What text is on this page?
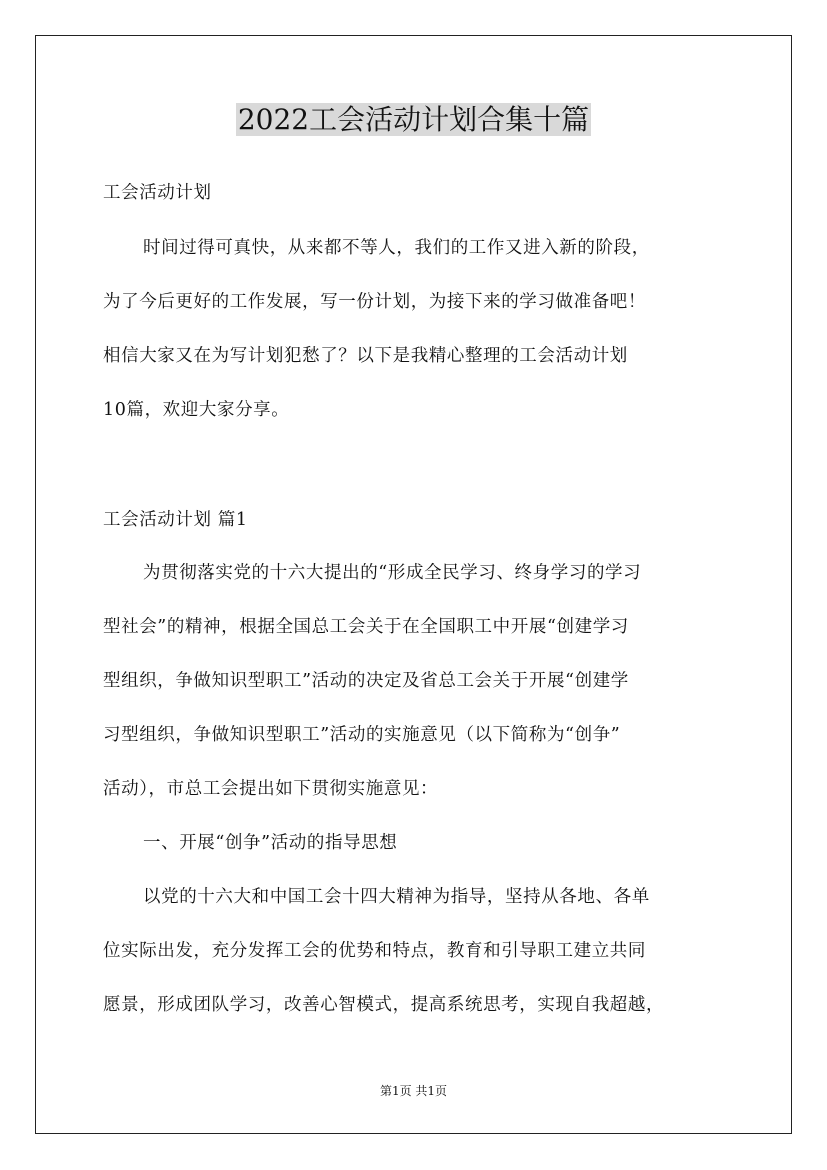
2022工会活动计划合集十篇
工会活动计划
时间过得可真快，从来都不等人，我们的工作又进入新的阶段，
为了今后更好的工作发展，写一份计划，为接下来的学习做准备吧！
相信大家又在为写计划犯愁了？以下是我精心整理的工会活动计划
10篇，欢迎大家分享。
工会活动计划 篇1
为贯彻落实党的十六大提出的“形成全民学习、终身学习的学习
型社会”的精神，根据全国总工会关于在全国职工中开展“创建学习
型组织，争做知识型职工”活动的决定及省总工会关于开展“创建学
习型组织，争做知识型职工”活动的实施意见（以下简称为“创争”
活动），市总工会提出如下贯彻实施意见：
一、开展“创争”活动的指导思想
以党的十六大和中国工会十四大精神为指导，坚持从各地、各单
位实际出发，充分发挥工会的优势和特点，教育和引导职工建立共同
愿景，形成团队学习，改善心智模式，提高系统思考，实现自我超越，
第1页 共1页
